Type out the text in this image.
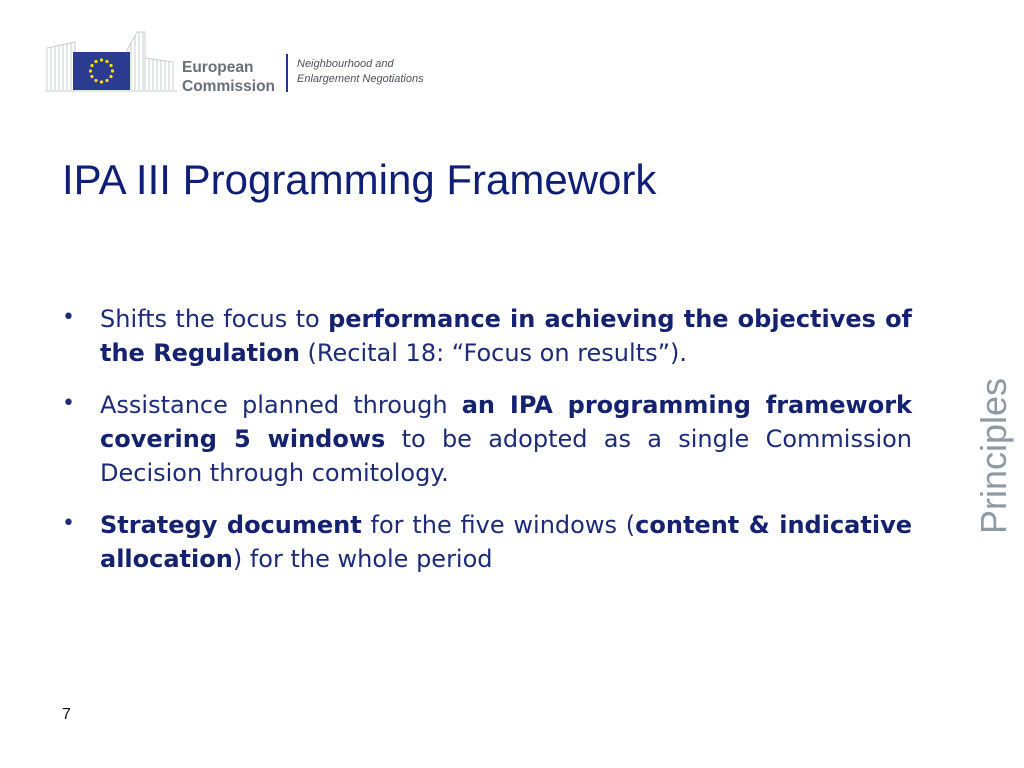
European
Commission
Neighbourhood and
Enlargement Negotiations
IPA III Programming Framework
• Shifts the focus to performance in achieving the objectives of the Regulation (Recital 18: “Focus on results”).
• Assistance planned through an IPA programming framework covering 5 windows to be adopted as a single Commission Decision through comitology.
• Strategy document for the five windows (content & indicative allocation) for the whole period
Principles
7
